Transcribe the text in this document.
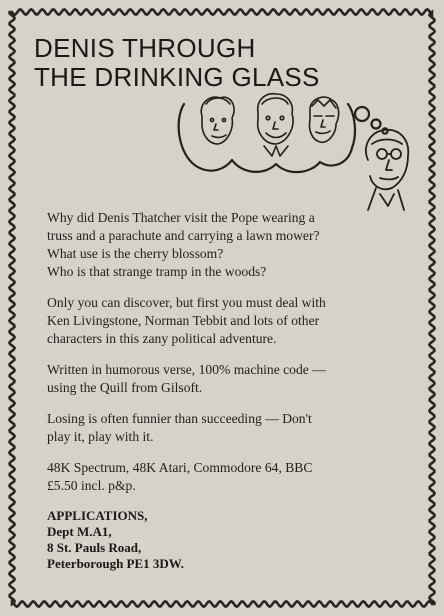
DENIS THROUGH
THE DRINKING GLASS

Why did Denis Thatcher visit the Pope wearing a
truss and a parachute and carrying a lawn mower?
What use is the cherry blossom?
Who is that strange tramp in the woods?

Only you can discover, but first you must deal with
Ken Livingstone, Norman Tebbit and lots of other
characters in this zany political adventure.

Written in humorous verse, 100% machine code —
using the Quill from Gilsoft.

Losing is often funnier than succeeding — Don't
play it, play with it.

48K Spectrum, 48K Atari, Commodore 64, BBC
£5.50 incl. p&p.

APPLICATIONS,
Dept M.A1,
8 St. Pauls Road,
Peterborough PE1 3DW.
